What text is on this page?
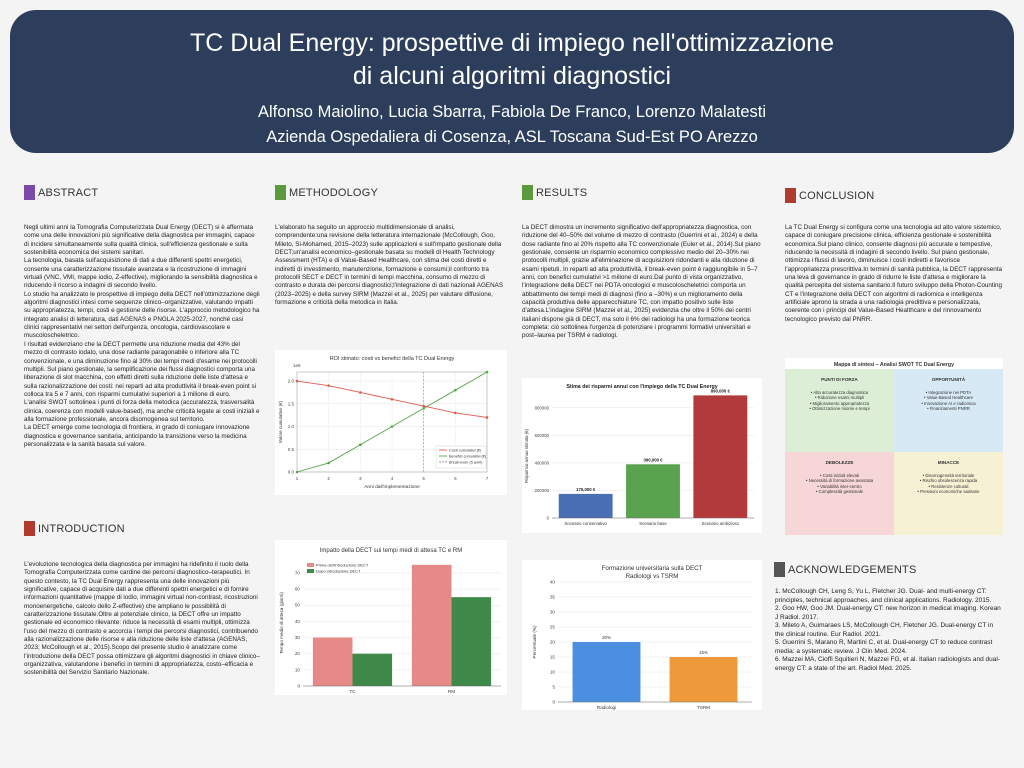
TC Dual Energy: prospettive di impiego nell'ottimizzazione
di alcuni algoritmi diagnostici
Alfonso Maiolino, Lucia Sbarra, Fabiola De Franco, Lorenzo Malatesti
Azienda Ospedaliera di Cosenza, ASL Toscana Sud-Est PO Arezzo
ABSTRACT	METHODOLOGY	RESULTS	CONCLUSION
INTRODUCTION
ACKNOWLEDGEMENTS

Negli ultimi anni la Tomografia Computerizzata Dual Energy (DECT) si è affermata come una delle innovazioni più significative della diagnostica per immagini, capace di incidere simultaneamente sulla qualità clinica, sull'efficienza gestionale e sulla sostenibilità economica dei sistemi sanitari.

La tecnologia, basata sull'acquisizione di dati a due differenti spettri energetici, consente una caratterizzazione tissutale avanzata e la ricostruzione di immagini virtuali (VNC, VMI, mappe iodio, Z-effective), migliorando la sensibilità diagnostica e riducendo il ricorso a indagini di secondo livello.

Lo studio ha analizzato le prospettive di impiego della DECT nell'ottimizzazione degli algoritmi diagnostici intesi come sequenze clinico–organizzative, valutando impatti su appropriatezza, tempi, costi e gestione delle risorse. L'approccio metodologico ha integrato analisi di letteratura, dati AGENAS e PNGLA 2025-2027, nonché casi clinici rappresentativi nei settori dell'urgenza, oncologia, cardiovascolare e muscoloscheletrico.

I risultati evidenziano che la DECT permette una riduzione media del 43% del mezzo di contrasto iodato, una dose radiante paragonabile o inferiore alla TC convenzionale, e una diminuzione fino al 30% dei tempi medi d'esame nei protocolli multipli. Sul piano gestionale, la semplificazione dei flussi diagnostici comporta una liberazione di slot macchina, con effetti diretti sulla riduzione delle liste d'attesa e sulla razionalizzazione dei costi: nei reparti ad alta produttività il break-even point si colloca tra 5 e 7 anni, con risparmi cumulativi superiori a 1 milione di euro.

L'analisi SWOT sottolinea i punti di forza della metodica (accuratezza, trasversalità clinica, coerenza con modelli value-based), ma anche criticità legate ai costi iniziali e alla formazione professionale, ancora disomogenea sul territorio.

La DECT emerge come tecnologia di frontiera, in grado di coniugare innovazione diagnostica e governance sanitaria, anticipando la transizione verso la medicina personalizzata e la sanità basata sul valore.

L'evoluzione tecnologica della diagnostica per immagini ha ridefinito il ruolo della Tomografia Computerizzata come cardine dei percorsi diagnostico–terapeutici. In questo contesto, la TC Dual Energy rappresenta una delle innovazioni più significative, capace di acquisire dati a due differenti spettri energetici e di fornire informazioni quantitative (mappe di iodio, immagini virtual non-contrast, ricostruzioni monoenergetiche, calcolo dello Z-effective) che ampliano le possibilità di caratterizzazione tissutale.Oltre al potenziale clinico, la DECT offre un impatto gestionale ed economico rilevante: riduce la necessità di esami multipli, ottimizza l'uso del mezzo di contrasto e accorcia i tempi dei percorsi diagnostici, contribuendo alla razionalizzazione delle risorse e alla riduzione delle liste d'attesa (AGENAS, 2023; McCollough et al., 2015).Scopo del presente studio è analizzare come l'introduzione della DECT possa ottimizzare gli algoritmi diagnostici in chiave clinico–organizzativa, valutandone i benefici in termini di appropriatezza, costo–efficacia e sostenibilità del Servizio Sanitario Nazionale.
L'elaborato ha seguito un approccio multidimensionale di analisi, comprendente:una revisione della letteratura internazionale (McCollough, Goo, Mileto, Si-Mohamed, 2015–2023) sulle applicazioni e sull'impatto gestionale della DECT;un'analisi economico–gestionale basata su modelli di Health Technology Assessment (HTA) e di Value-Based Healthcare, con stima dei costi diretti e indiretti di investimento, manutenzione, formazione e consumi;il confronto tra protocolli SECT e DECT in termini di tempi macchina, consumo di mezzo di contrasto e durata dei percorsi diagnostici;l'integrazione di dati nazionali AGENAS (2023–2025) e della survey SIRM (Mazzei et al., 2025) per valutare diffusione, formazione e criticità della metodica in Italia.
La DECT dimostra un incremento significativo dell'appropriatezza diagnostica, con riduzione del 40–50% del volume di mezzo di contrasto (Guerrini et al., 2024) e della dose radiante fino al 20% rispetto alla TC convenzionale (Euler et al., 2014).Sul piano gestionale, consente un risparmio economico complessivo medio del 20–30% nei protocolli multipli, grazie all'eliminazione di acquisizioni ridondanti e alla riduzione di esami ripetuti. In reparti ad alta produttività, il break-even point è raggiungibile in 5–7 anni, con benefici cumulativi >1 milione di euro.Dal punto di vista organizzativo, l'integrazione della DECT nei PDTA oncologici e muscoloscheletrici comporta un abbattimento dei tempi medi di diagnosi (fino a –30%) e un miglioramento della capacità produttiva delle apparecchiature TC, con impatto positivo sulle liste d'attesa.L'indagine SIRM (Mazzei et al., 2025) evidenzia che oltre il 50% dei centri italiani dispone già di DECT, ma solo il 6% dei radiologi ha una formazione teorica completa: ciò sottolinea l'urgenza di potenziare i programmi formativi universitari e post–laurea per TSRM e radiologi.
La TC Dual Energy si configura come una tecnologia ad alto valore sistemico, capace di coniugare precisione clinica, efficienza gestionale e sostenibilità economica.Sul piano clinico, consente diagnosi più accurate e tempestive, riducendo la necessità di indagini di secondo livello. Sul piano gestionale, ottimizza i flussi di lavoro, diminuisce i costi indiretti e favorisce l'appropriatezza prescrittiva.In termini di sanità pubblica, la DECT rappresenta una leva di governance in grado di ridurre le liste d'attesa e migliorare la qualità percepita del sistema sanitario.Il futuro sviluppo della Photon-Counting CT e l'integrazione della DECT con algoritmi di radiomica e intelligenza artificiale aprono la strada a una radiologia predittiva e personalizzata, coerente con i principi del Value-Based Healthcare e del rinnovamento tecnologico previsto dal PNRR.

1. McCollough CH, Leng S, Yu L, Fletcher JG. Dual- and multi-energy CT: principles, technical approaches, and clinical applications. Radiology. 2015.

2. Goo HW, Goo JM. Dual-energy CT: new horizon in medical imaging. Korean J Radiol. 2017.

3. Mileto A, Guimaraes LS, McCollough CH, Fletcher JG. Dual-energy CT in the clinical routine. Eur Radiol. 2021.

5. Guerrini S, Marano R, Martini C, et al. Dual-energy CT to reduce contrast media: a systematic review. J Clin Med. 2024.

6. Mazzei MA, Cioffi Squitieri N, Mazzei FG, et al. Italian radiologists and dual-energy CT: a state of the art. Radiol Med. 2025.

ROI stimato: costi vs benefici della TC Dual Energy
1e6
0.0
0.5
1.0
1.5
2.0
1	2	3	4	5	6	7
Anni dall'implementazione
Valore cumulativo (€)
Costi cumulativi (€)
Benefici cumulativi (€)
Break-even (5 anni)
Stima dei risparmi annui con l'impiego della TC Dual Energy
0
200000
400000
600000
800000
Risparmio annuo stimato (€)
175,000 €
Scenario conservativo
390,000 €
Scenario base
890,000 €
Scenario ambizioso
Impatto della DECT sui tempi medi di attesa TC e RM
0
10
20
30
40
50
60
70
Tempo medio di attesa (giorni)
TC	RM
Prima dell'introduzione DECT
Dopo introduzione DECT	Formazione universitaria sulla DECT
Radiologi vs TSRM
0
5
10
15
20
25
30
35
40
Percentuale (%)	20%
Radiologi
15%
TSRM
Mappa di sintesi – Analisi SWOT TC Dual Energy
PUNTI DI FORZA
• Alta accuratezza diagnostica
• Riduzione esami multipli
• Miglioramento appropriatezza
• Ottimizzazione risorse e tempi
OPPORTUNITÀ
• Integrazione nei PDTA
• Value-Based Healthcare
• Innovazione AI e radiomica
• Finanziamenti PNRR
DEBOLEZZE
• Costi iniziali elevati
• Necessità di formazione avanzata
• Variabilità inter-centro
• Complessità gestionale
MINACCE
• Disomogeneità territoriale
• Rischio obsolescenza rapida
• Resistenze culturali
• Pressioni economiche sanitarie
